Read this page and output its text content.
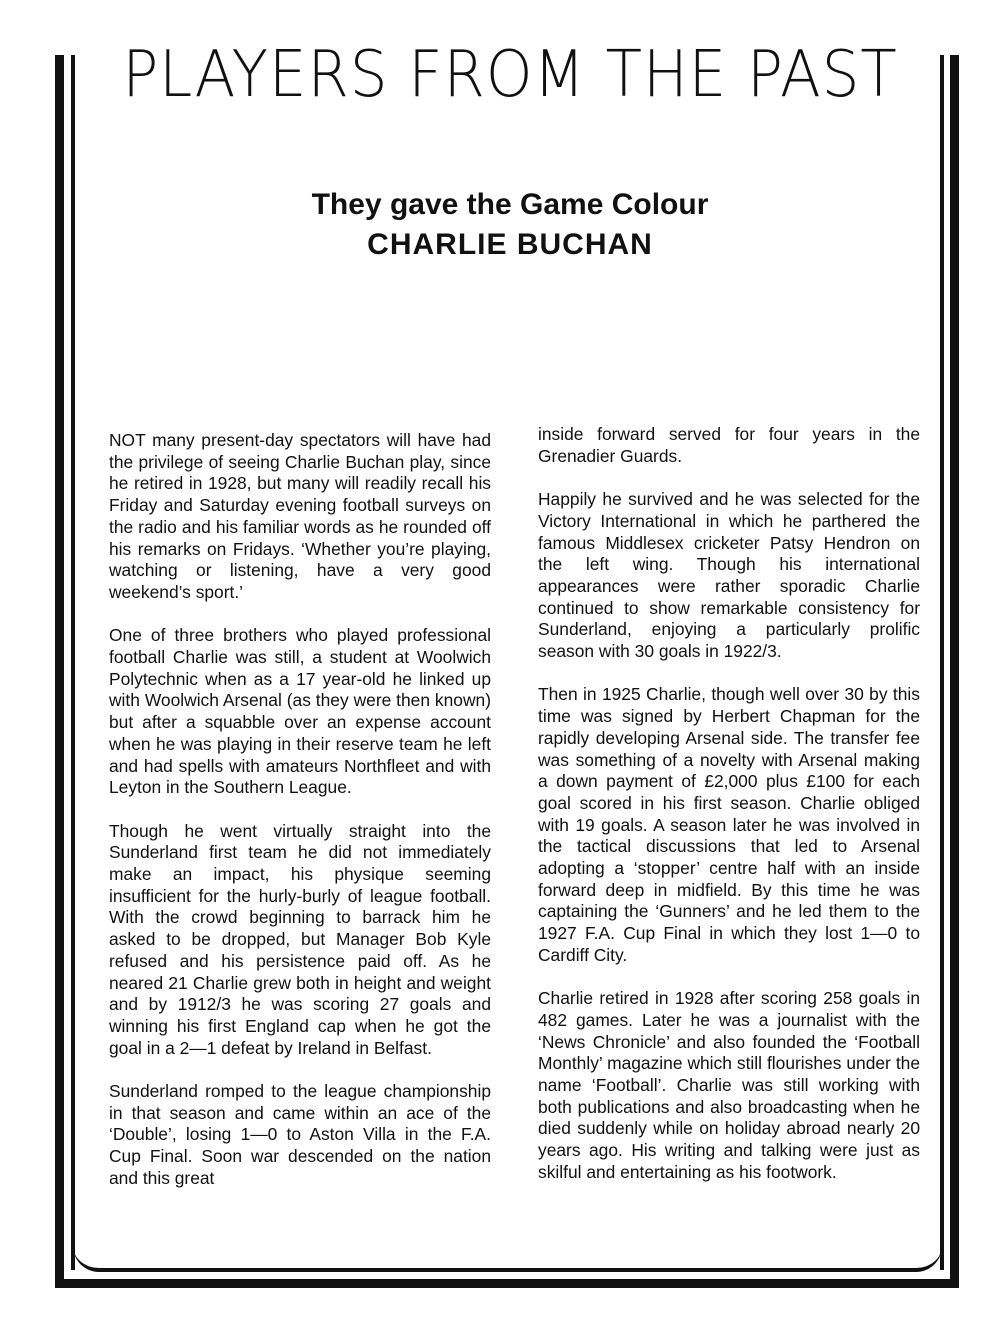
PLAYERS FROM THE PAST
They gave the Game Colour
CHARLIE BUCHAN

NOT many present-day spectators will have had the privilege of seeing Charlie Buchan play, since he retired in 1928, but many will readily recall his Friday and Saturday evening football surveys on the radio and his familiar words as he rounded off his remarks on Fridays. ‘Whether you’re playing, watching or listening, have a very good weekend’s sport.’

One of three brothers who played professional football Charlie was still, a student at Woolwich Polytechnic when as a 17 year-old he linked up with Woolwich Arsenal (as they were then known) but after a squabble over an expense account when he was playing in their reserve team he left and had spells with amateurs Northfleet and with Leyton in the Southern League.

Though he went virtually straight into the Sunderland first team he did not immediately make an impact, his physique seeming insufficient for the hurly-burly of league football. With the crowd beginning to barrack him he asked to be dropped, but Manager Bob Kyle refused and his persistence paid off. As he neared 21 Charlie grew both in height and weight and by 1912/3 he was scoring 27 goals and winning his first England cap when he got the goal in a 2—1 defeat by Ireland in Belfast.

Sunderland romped to the league championship in that season and came within an ace of the ‘Double’, losing 1—0 to Aston Villa in the F.A. Cup Final. Soon war descended on the nation and this great

inside forward served for four years in the Grenadier Guards.

Happily he survived and he was selected for the Victory International in which he parthered the famous Middlesex cricketer Patsy Hendron on the left wing. Though his international appearances were rather sporadic Charlie continued to show remarkable consistency for Sunderland, enjoying a particularly prolific season with 30 goals in 1922/3.

Then in 1925 Charlie, though well over 30 by this time was signed by Herbert Chapman for the rapidly developing Arsenal side. The transfer fee was something of a novelty with Arsenal making a down payment of £2,000 plus £100 for each goal scored in his first season. Charlie obliged with 19 goals. A season later he was involved in the tactical discussions that led to Arsenal adopting a ‘stopper’ centre half with an inside forward deep in midfield. By this time he was captaining the ‘Gunners’ and he led them to the 1927 F.A. Cup Final in which they lost 1—0 to Cardiff City.

Charlie retired in 1928 after scoring 258 goals in 482 games. Later he was a journalist with the ‘News Chronicle’ and also founded the ‘Football Monthly’ magazine which still flourishes under the name ‘Football’. Charlie was still working with both publications and also broadcasting when he died suddenly while on holiday abroad nearly 20 years ago. His writing and talking were just as skilful and entertaining as his footwork.
